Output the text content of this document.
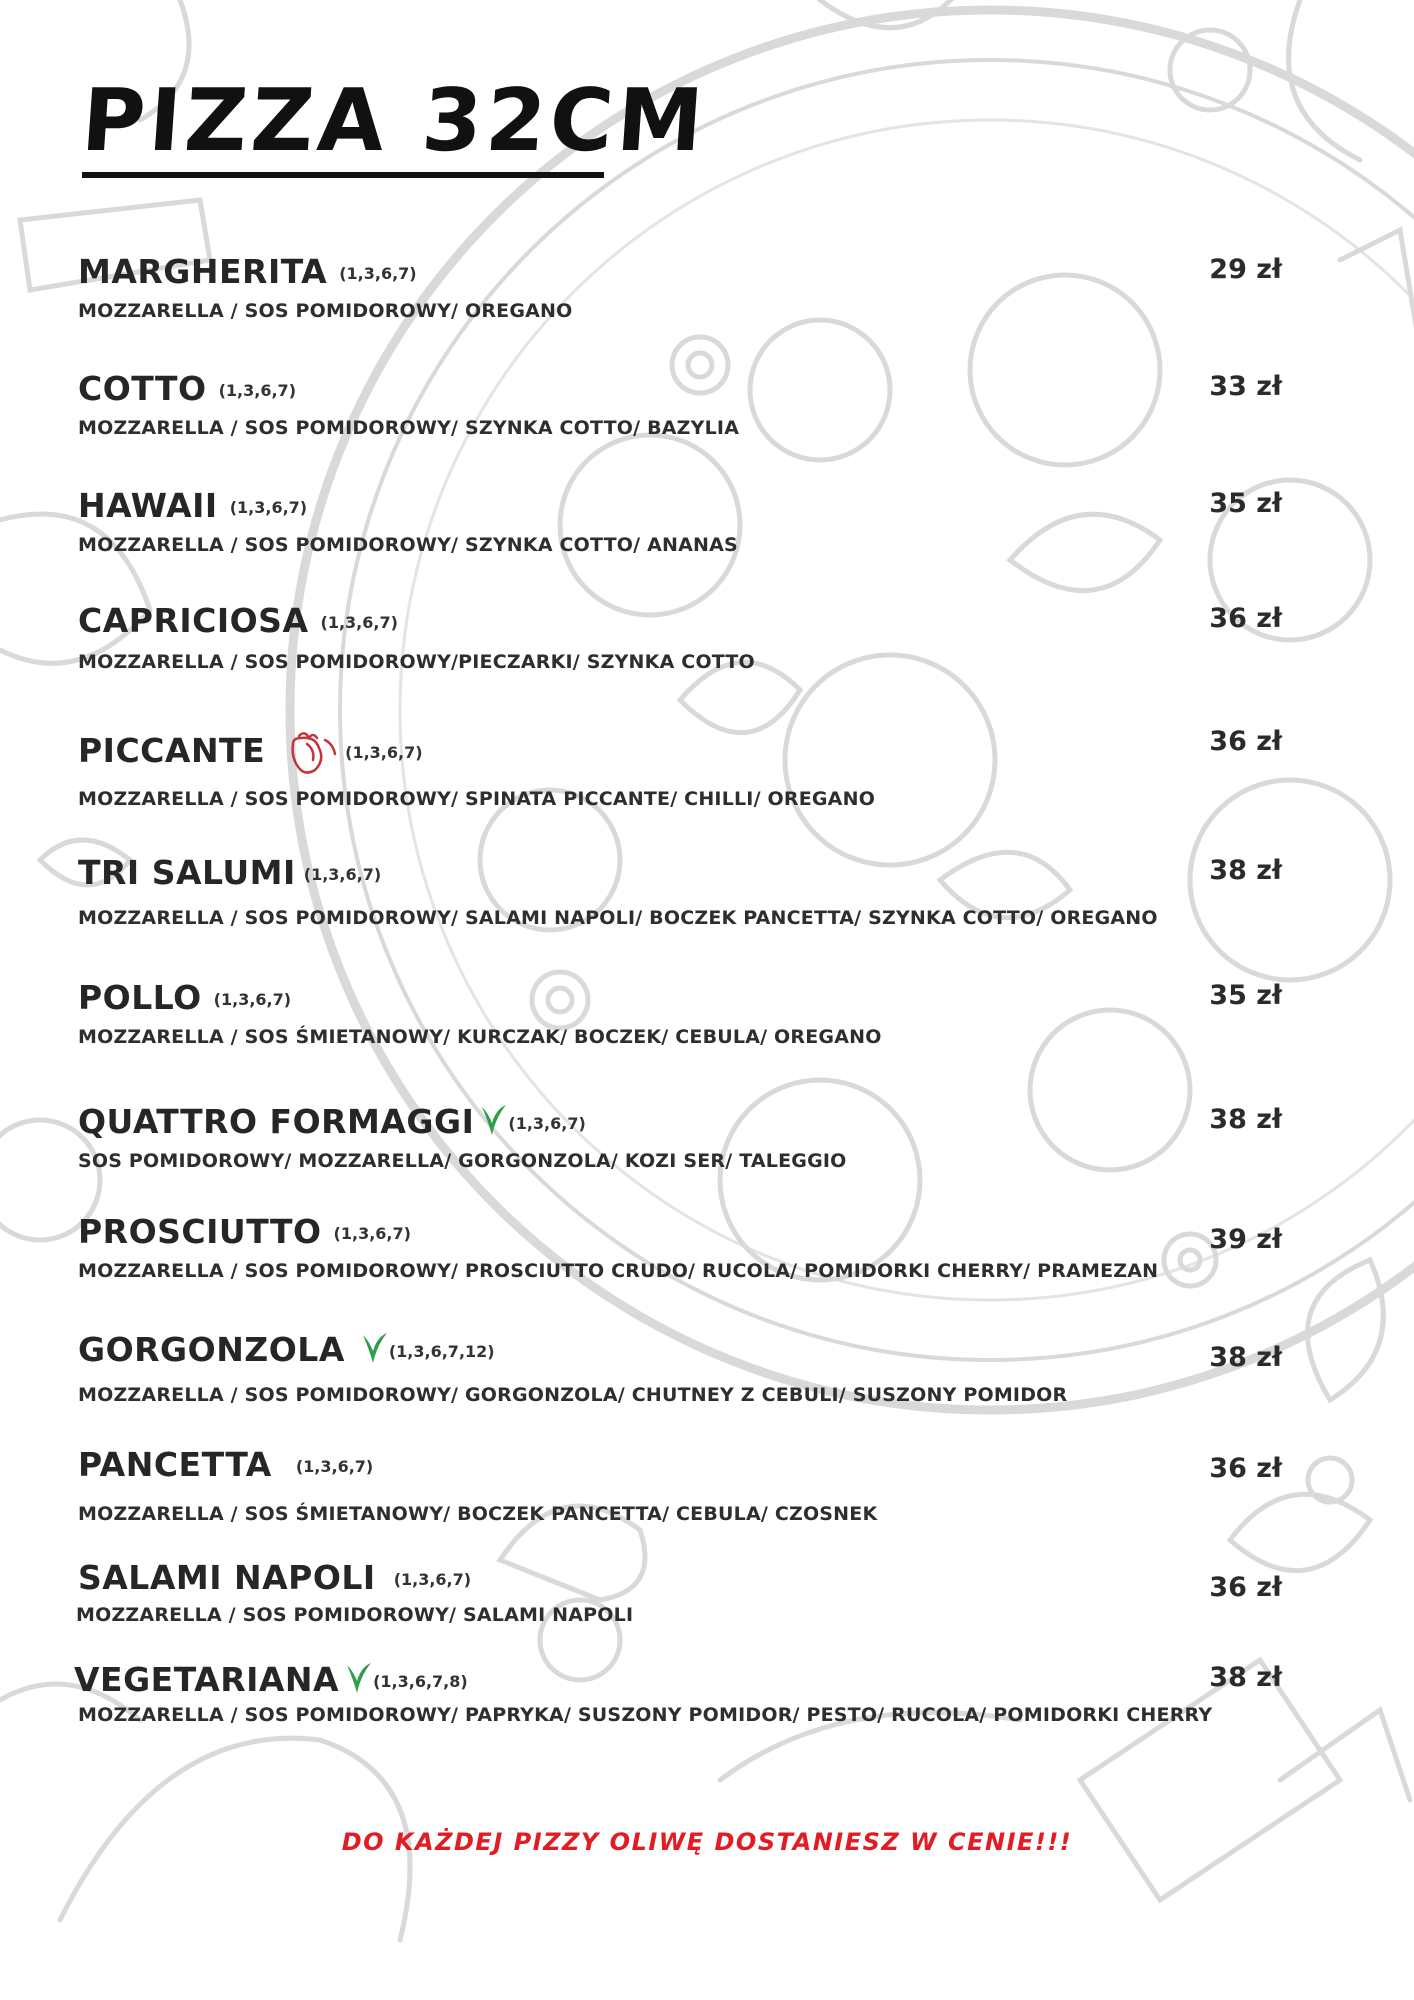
PIZZA 32CM
MARGHERITA (1,3,6,7)
MOZZARELLA / SOS POMIDOROWY/ OREGANO
29 zł
COTTO (1,3,6,7)
MOZZARELLA / SOS POMIDOROWY/ SZYNKA COTTO/ BAZYLIA
33 zł
HAWAII (1,3,6,7)
MOZZARELLA / SOS POMIDOROWY/ SZYNKA COTTO/ ANANAS
35 zł
CAPRICIOSA (1,3,6,7)
MOZZARELLA / SOS POMIDOROWY/PIECZARKI/ SZYNKA COTTO
36 zł
PICCANTE	(1,3,6,7)
MOZZARELLA / SOS POMIDOROWY/ SPINATA PICCANTE/ CHILLI/ OREGANO
36 zł
TRI SALUMI (1,3,6,7)
MOZZARELLA / SOS POMIDOROWY/ SALAMI NAPOLI/ BOCZEK PANCETTA/ SZYNKA COTTO/ OREGANO
38 zł
POLLO (1,3,6,7)
MOZZARELLA / SOS ŚMIETANOWY/ KURCZAK/ BOCZEK/ CEBULA/ OREGANO
35 zł
QUATTRO FORMAGGI (1,3,6,7)
SOS POMIDOROWY/ MOZZARELLA/ GORGONZOLA/ KOZI SER/ TALEGGIO
38 zł
PROSCIUTTO (1,3,6,7)
MOZZARELLA / SOS POMIDOROWY/ PROSCIUTTO CRUDO/ RUCOLA/ POMIDORKI CHERRY/ PRAMEZAN
39 zł
GORGONZOLA	(1,3,6,7,12)
MOZZARELLA / SOS POMIDOROWY/ GORGONZOLA/ CHUTNEY Z CEBULI/ SUSZONY POMIDOR
38 zł
PANCETTA (1,3,6,7)
MOZZARELLA / SOS ŚMIETANOWY/ BOCZEK PANCETTA/ CEBULA/ CZOSNEK
36 zł
SALAMI NAPOLI (1,3,6,7)
MOZZARELLA / SOS POMIDOROWY/ SALAMI NAPOLI
36 zł
VEGETARIANA (1,3,6,7,8)
MOZZARELLA / SOS POMIDOROWY/ PAPRYKA/ SUSZONY POMIDOR/ PESTO/ RUCOLA/ POMIDORKI CHERRY
38 zł
DO KAŻDEJ PIZZY OLIWĘ DOSTANIESZ W CENIE!!!
